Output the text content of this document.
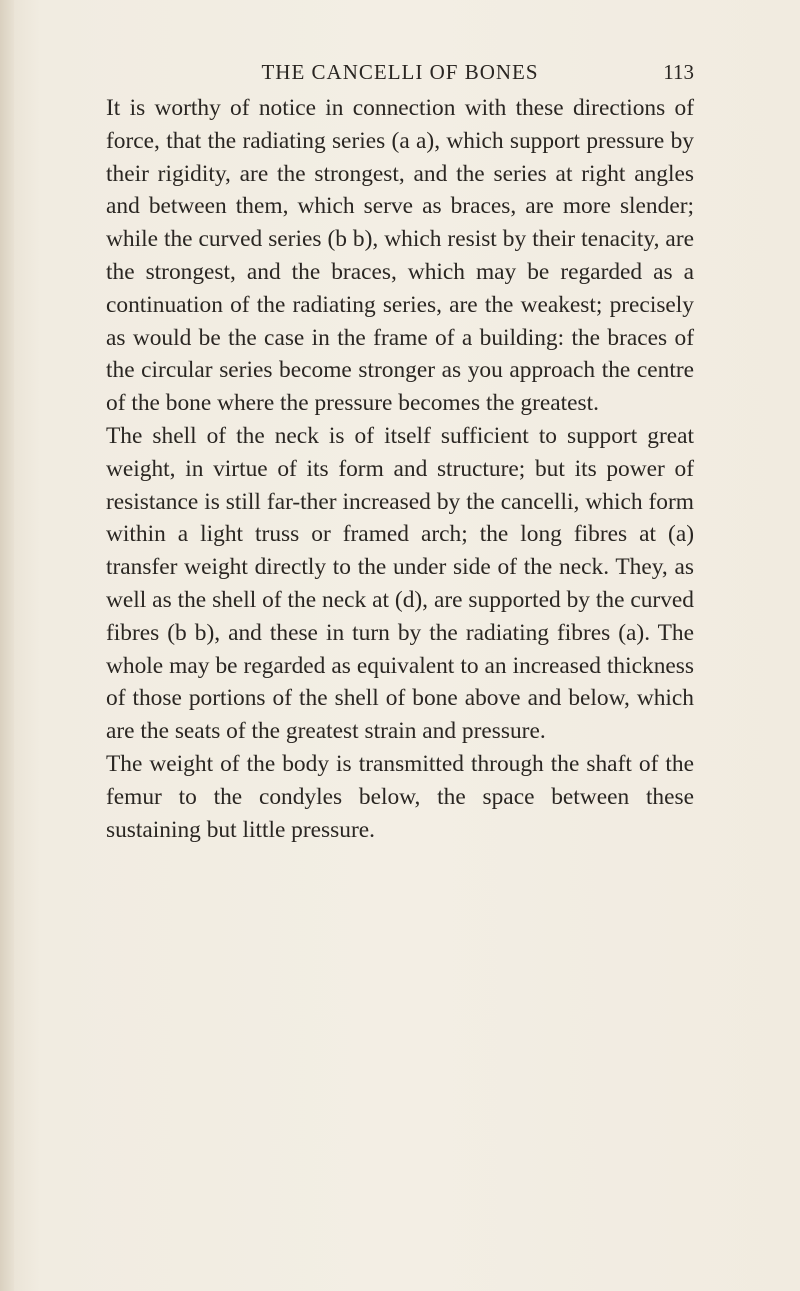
THE CANCELLI OF BONES	113

It is worthy of notice in connection with these directions of force, that the radiating series (a a), which support pressure by their rigidity, are the strongest, and the series at right angles and between them, which serve as braces, are more slender; while the curved series (b b), which resist by their tenacity, are the strongest, and the braces, which may be regarded as a continuation of the radiating series, are the weakest; precisely as would be the case in the frame of a building: the braces of the circular series become stronger as you approach the centre of the bone where the pressure becomes the greatest.

The shell of the neck is of itself sufficient to support great weight, in virtue of its form and structure; but its power of resistance is still far-ther increased by the cancelli, which form within a light truss or framed arch; the long fibres at (a) transfer weight directly to the under side of the neck. They, as well as the shell of the neck at (d), are supported by the curved fibres (b b), and these in turn by the radiating fibres (a). The whole may be regarded as equivalent to an increased thickness of those portions of the shell of bone above and below, which are the seats of the greatest strain and pressure.

The weight of the body is transmitted through the shaft of the femur to the condyles below, the space between these sustaining but little pressure.
